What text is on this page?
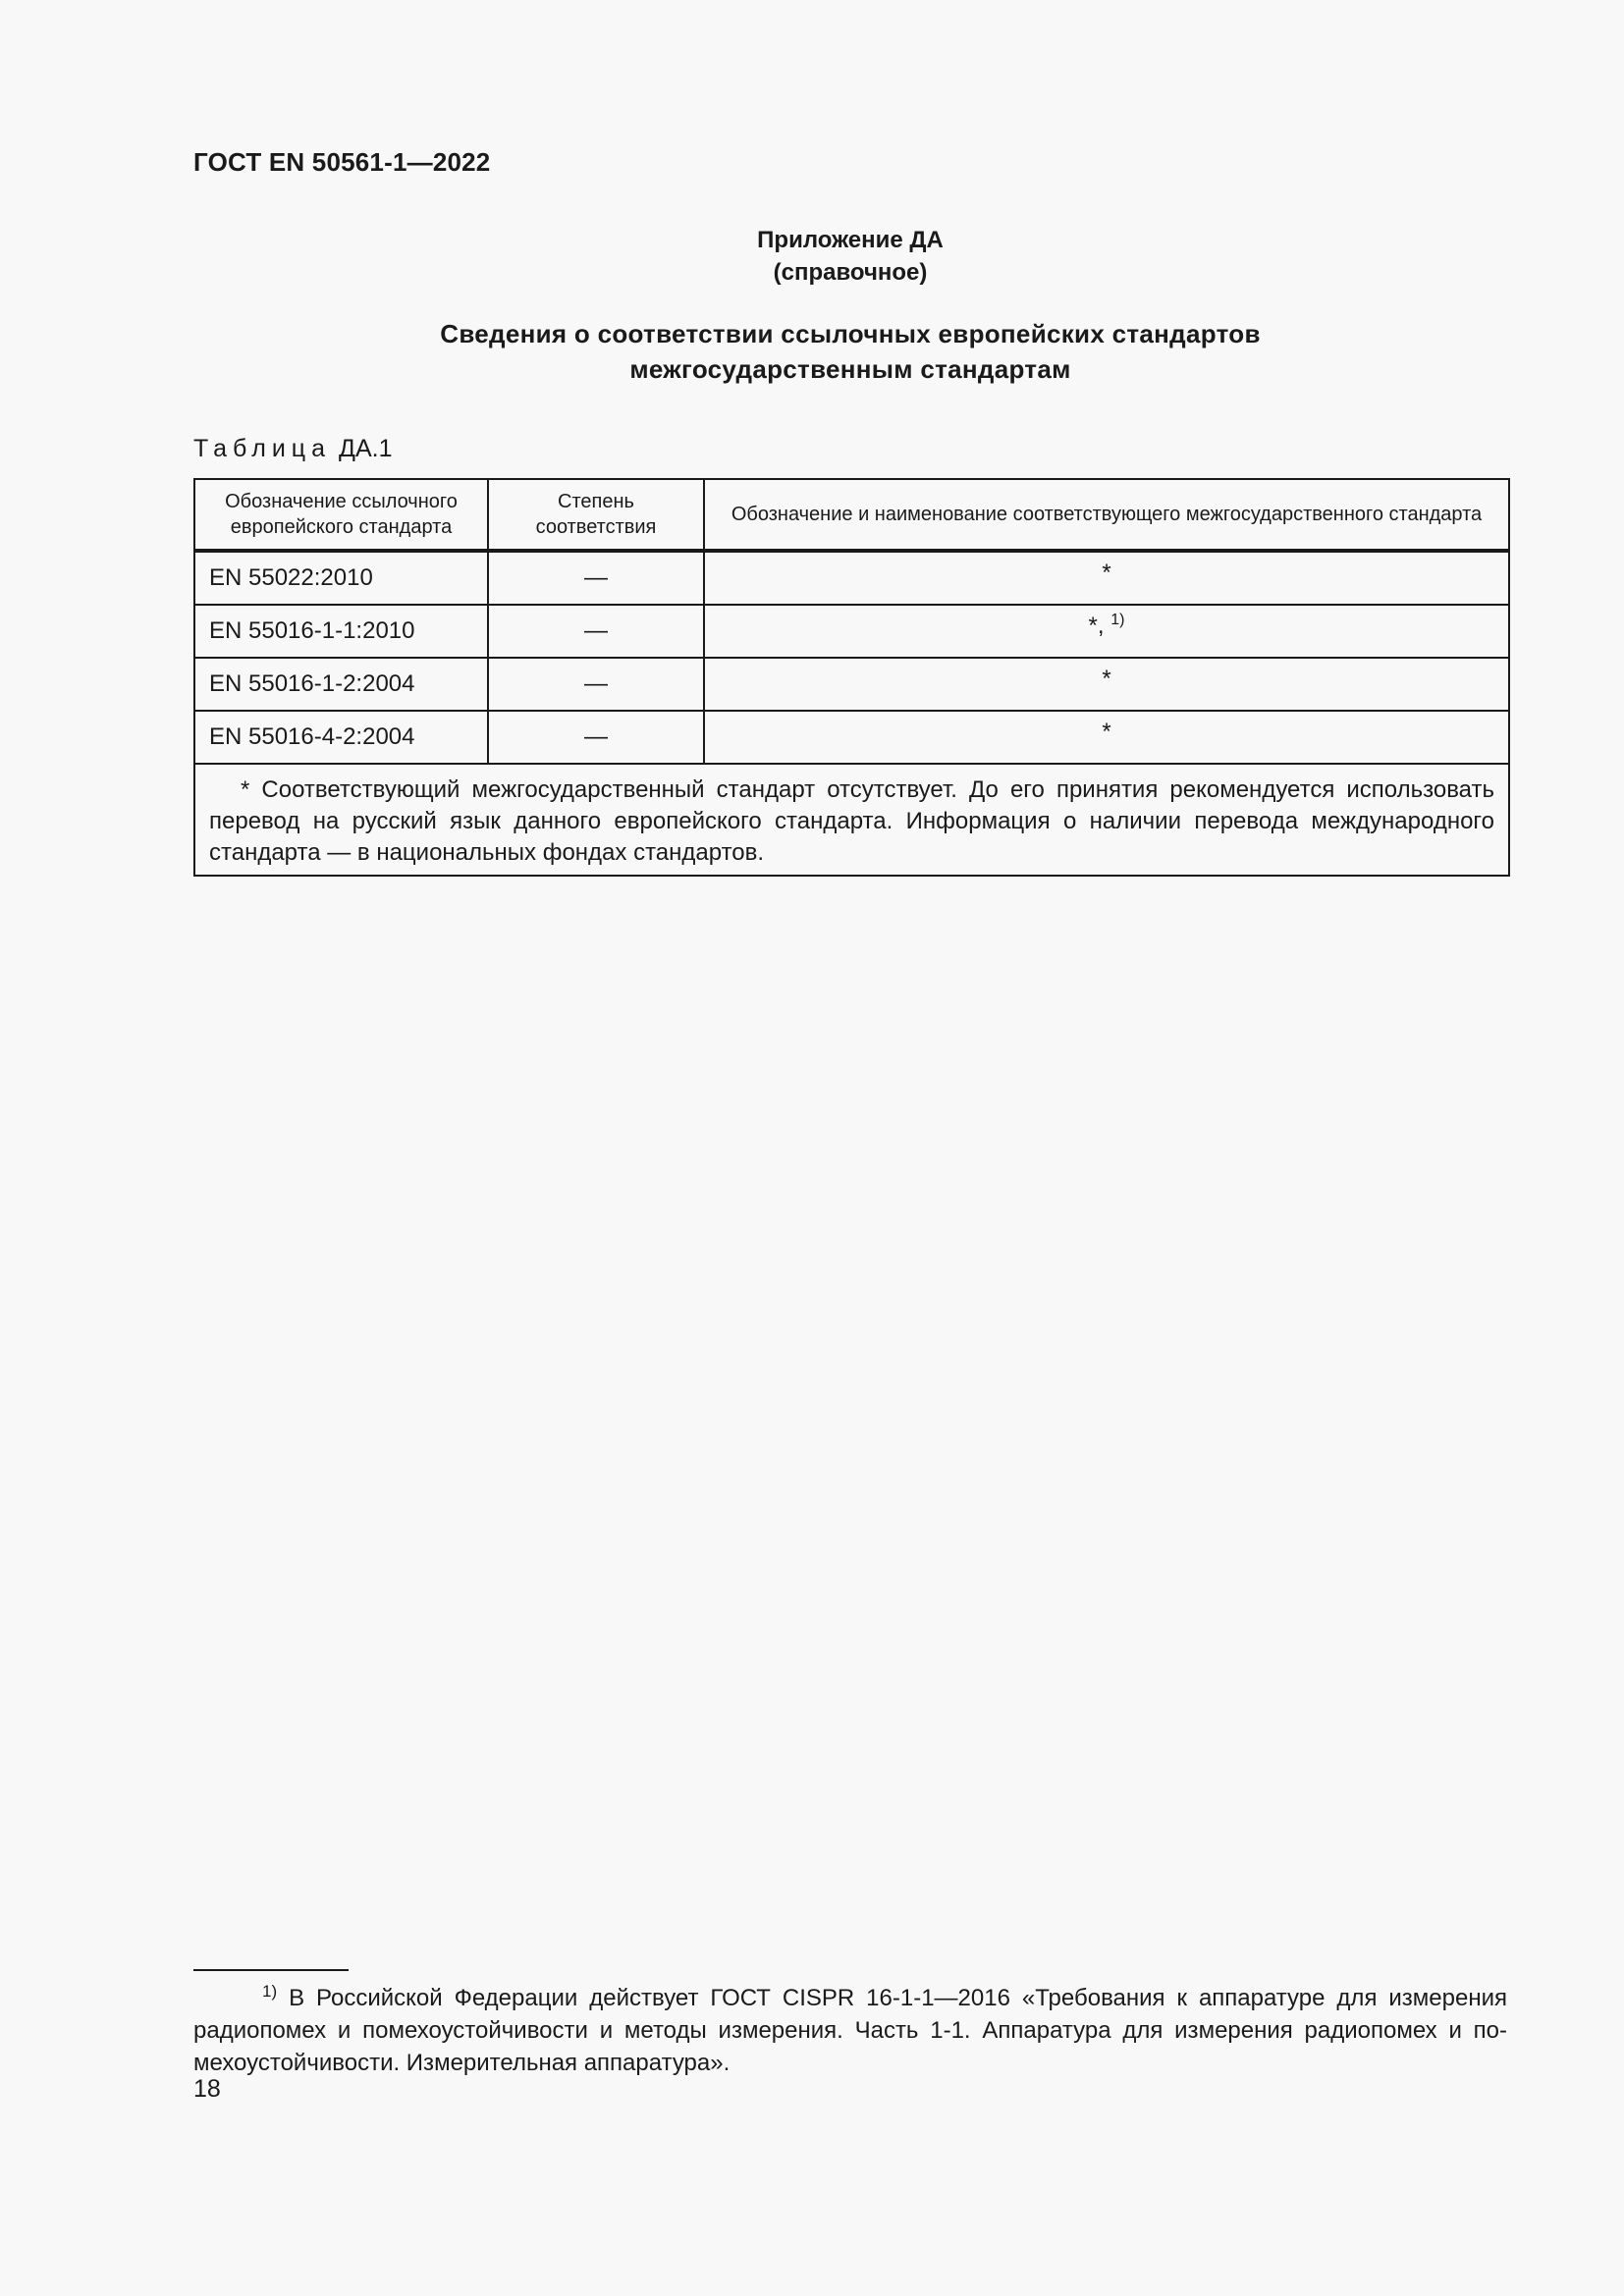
ГОСТ EN 50561-1—2022
Приложение ДА
(справочное)
Сведения о соответствии ссылочных европейских стандартов
межгосударственным стандартам
Таблица ДА.1
Обозначение ссылочного европейского стандарта	Степень соответствия	Обозначение и наименование соответствующего межгосударственного стандарта
EN 55022:2010	—	*
EN 55016-1-1:2010	—	*, $^{1)}$
EN 55016-1-2:2004	—	*
EN 55016-4-2:2004	—	*
* Соответствующий межгосударственный стандарт отсутствует. До его принятия рекомендуется использовать перевод на русский язык данного европейского стандарта. Информация о наличии перевода международного стандарта — в национальных фондах стандартов.		
$^{1)}$ В Российской Федерации действует ГОСТ CISPR 16-1-1—2016 «Требования к аппаратуре для измерения радиопомех и помехоустойчивости и методы измерения. Часть 1-1. Аппаратура для измерения радиопомех и по-мехоустойчивости. Измерительная аппаратура».
18
